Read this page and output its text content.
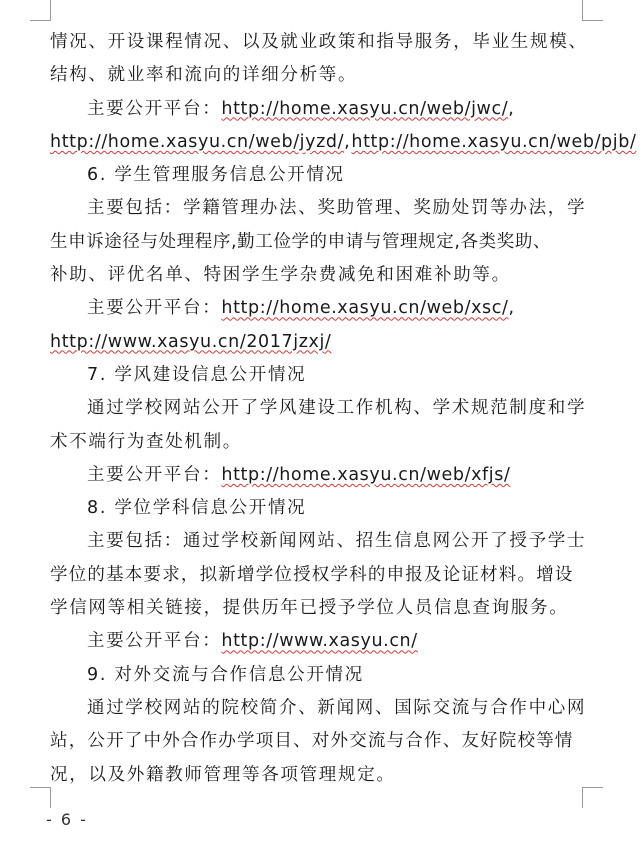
情况、开设课程情况、以及就业政策和指导服务，毕业生规模、
结构、就业率和流向的详细分析等。
主要公开平台：http://home.xasyu.cn/web/jwc/,
http://home.xasyu.cn/web/jyzd/,http://home.xasyu.cn/web/pjb/
6. 学生管理服务信息公开情况
主要包括：学籍管理办法、奖助管理、奖励处罚等办法，学
生申诉途径与处理程序,勤工俭学的申请与管理规定,各类奖助、
补助、评优名单、特困学生学杂费减免和困难补助等。
主要公开平台：http://home.xasyu.cn/web/xsc/,
http://www.xasyu.cn/2017jzxj/
7. 学风建设信息公开情况
通过学校网站公开了学风建设工作机构、学术规范制度和学
术不端行为查处机制。
主要公开平台：http://home.xasyu.cn/web/xfjs/
8. 学位学科信息公开情况
主要包括：通过学校新闻网站、招生信息网公开了授予学士
学位的基本要求，拟新增学位授权学科的申报及论证材料。增设
学信网等相关链接，提供历年已授予学位人员信息查询服务。
主要公开平台：http://www.xasyu.cn/
9. 对外交流与合作信息公开情况
通过学校网站的院校简介、新闻网、国际交流与合作中心网
站，公开了中外合作办学项目、对外交流与合作、友好院校等情
况，以及外籍教师管理等各项管理规定。
- 6 -
